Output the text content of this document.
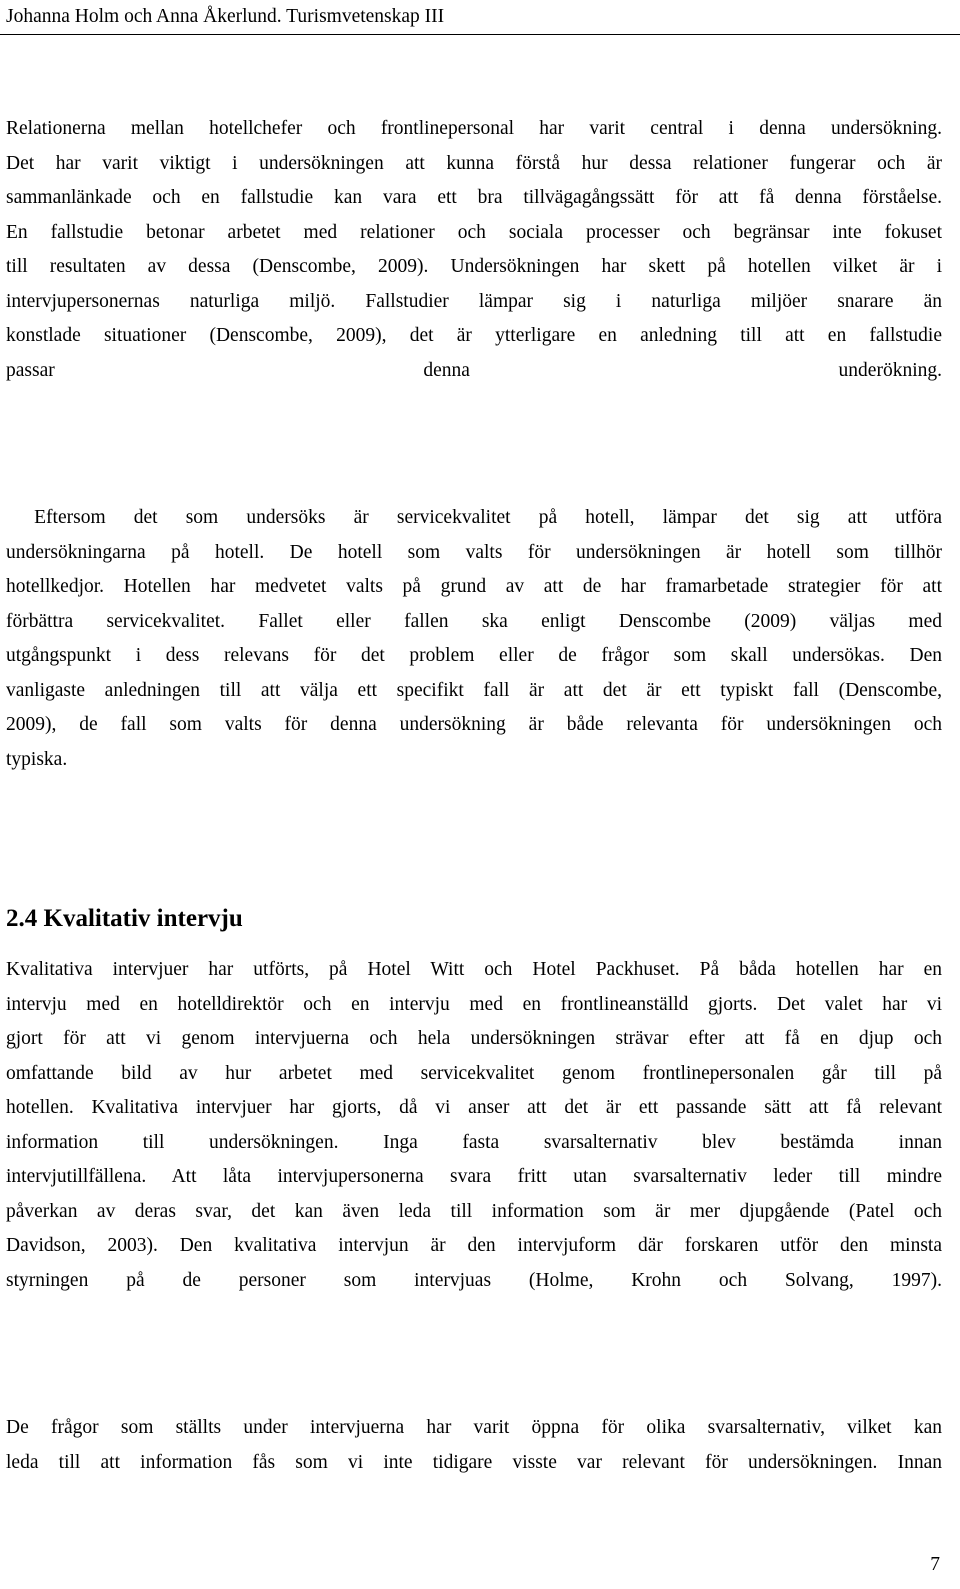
Johanna Holm och Anna Åkerlund. Turismvetenskap III
Relationerna mellan hotellchefer och frontlinepersonal har varit central i denna undersökning.
Det har varit viktigt i undersökningen att kunna förstå hur dessa relationer fungerar och är
sammanlänkade och en fallstudie kan vara ett bra tillvägagångssätt för att få denna förståelse.
En fallstudie betonar arbetet med relationer och sociala processer och begränsar inte fokuset
till resultaten av dessa (Denscombe, 2009). Undersökningen har skett på hotellen vilket är i
intervjupersonernas naturliga miljö. Fallstudier lämpar sig i naturliga miljöer snarare än
konstlade situationer (Denscombe, 2009), det är ytterligare en anledning till att en fallstudie
passar denna underökning.
Eftersom det som undersöks är servicekvalitet på hotell, lämpar det sig att utföra
undersökningarna på hotell. De hotell som valts för undersökningen är hotell som tillhör
hotellkedjor. Hotellen har medvetet valts på grund av att de har framarbetade strategier för att
förbättra servicekvalitet. Fallet eller fallen ska enligt Denscombe (2009) väljas med
utgångspunkt i dess relevans för det problem eller de frågor som skall undersökas. Den
vanligaste anledningen till att välja ett specifikt fall är att det är ett typiskt fall (Denscombe,
2009), de fall som valts för denna undersökning är både relevanta för undersökningen och
typiska.
2.4 Kvalitativ intervju
Kvalitativa intervjuer har utförts, på Hotel Witt och Hotel Packhuset. På båda hotellen har en
intervju med en hotelldirektör och en intervju med en frontlineanställd gjorts. Det valet har vi
gjort för att vi genom intervjuerna och hela undersökningen strävar efter att få en djup och
omfattande bild av hur arbetet med servicekvalitet genom frontlinepersonalen går till på
hotellen. Kvalitativa intervjuer har gjorts, då vi anser att det är ett passande sätt att få relevant
information till undersökningen. Inga fasta svarsalternativ blev bestämda innan
intervjutillfällena. Att låta intervjupersonerna svara fritt utan svarsalternativ leder till mindre
påverkan av deras svar, det kan även leda till information som är mer djupgående (Patel och
Davidson, 2003). Den kvalitativa intervjun är den intervjuform där forskaren utför den minsta
styrningen på de personer som intervjuas (Holme, Krohn och Solvang, 1997).
De frågor som ställts under intervjuerna har varit öppna för olika svarsalternativ, vilket kan
leda till att information fås som vi inte tidigare visste var relevant för undersökningen. Innan
7
